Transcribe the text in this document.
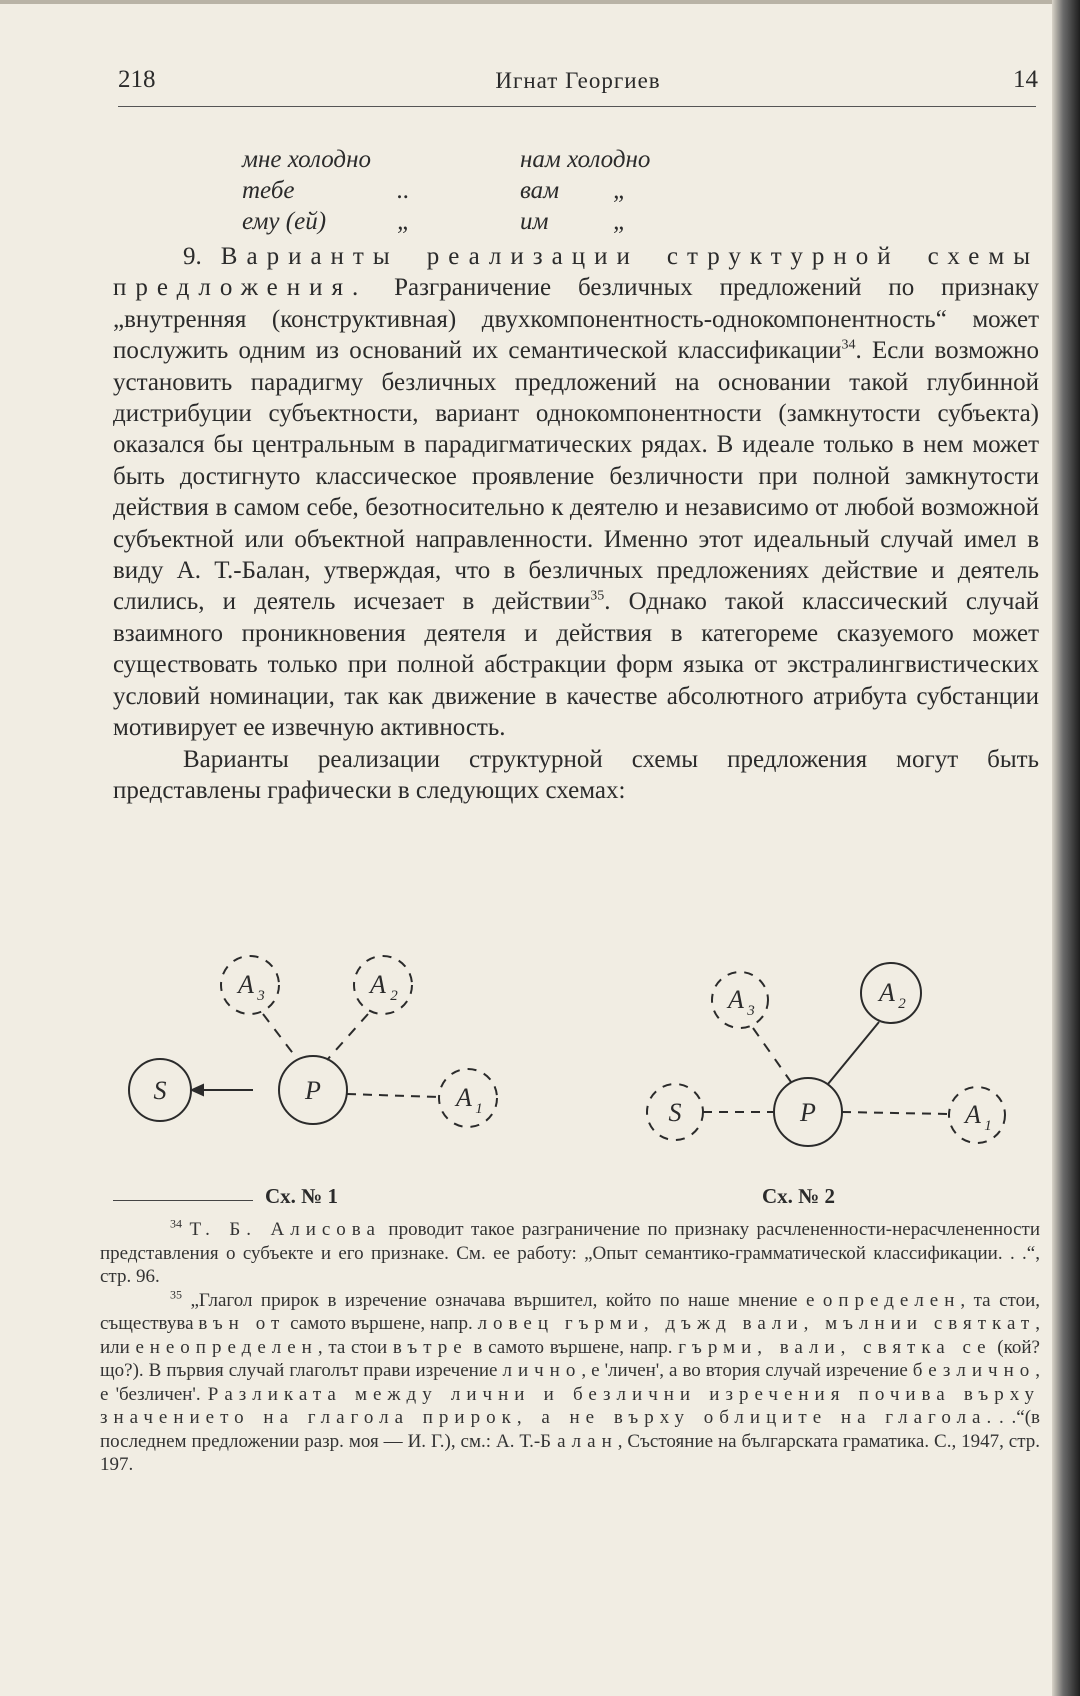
218	Игнат Георгиев	14
мне холодно	нам холодно
тебе	..	вам „
ему (ей)	„	им	„

9. Варианты реализации структурной схемы предложения. Разграничение безличных предложений по признаку „внутренняя (конструктивная) двухкомпонентность-однокомпонентность“ может послужить одним из оснований их семантической классификации$^{34}$. Если возможно установить парадигму безличных предложений на основании такой глубинной дистрибуции субъектности, вариант однокомпонентности (замкнутости субъекта) оказался бы центральным в парадигматических рядах. В идеале только в нем может быть достигнуто классическое проявление безличности при полной замкнутости действия в самом себе, безотносительно к деятелю и независимо от любой возможной субъектной или объектной направленности. Именно этот идеальный случай имел в виду А. Т.-Балан, утверждая, что в безличных предложениях действие и деятель слились, и деятель исчезает в действии$^{35}$. Однако такой классический случай взаимного проникновения деятеля и действия в категореме сказуемого может существовать только при полной абстракции форм языка от экстралингвистических условий номинации, так как движение в качестве абсолютного атрибута субстанции мотивирует ее извечную активность.

Варианты реализации структурной схемы предложения могут быть представлены графически в следующих схемах:

S	P
A 3	A 2
A 1	S	P
A 3
A 2
A 1
Сх. № 1	Сх. № 2

$^{34}$ Т. Б. Алисова проводит такое разграничение по признаку расчлененности-нерасчлененности представления о субъекте и его признаке. См. ее работу: „Опыт семантико-грамматической классификации. . .“, стр. 96.

$^{35}$ „Глагол прирок в изречение означава вършител, който по наше мнение е определен, та стои, съществува вън от самото вършене, напр. ловец гърми, дъжд вали, мълнии святкат, или е неопределен, та стои вътре в самото вършене, напр. гърми, вали, святка се (кой? що?). В първия случай глаголът прави изречение лично, е 'личен', а во втория случай изречение безлично, е 'безличен'. Разликата между лични и безлични изречения почива върху значението на глагола прирок, а не върху облиците на глагола. . .“(в последнем предложении разр. моя — И. Г.), см.: А. Т.-Балан, Състояние на българската граматика. С., 1947, стр. 197.
